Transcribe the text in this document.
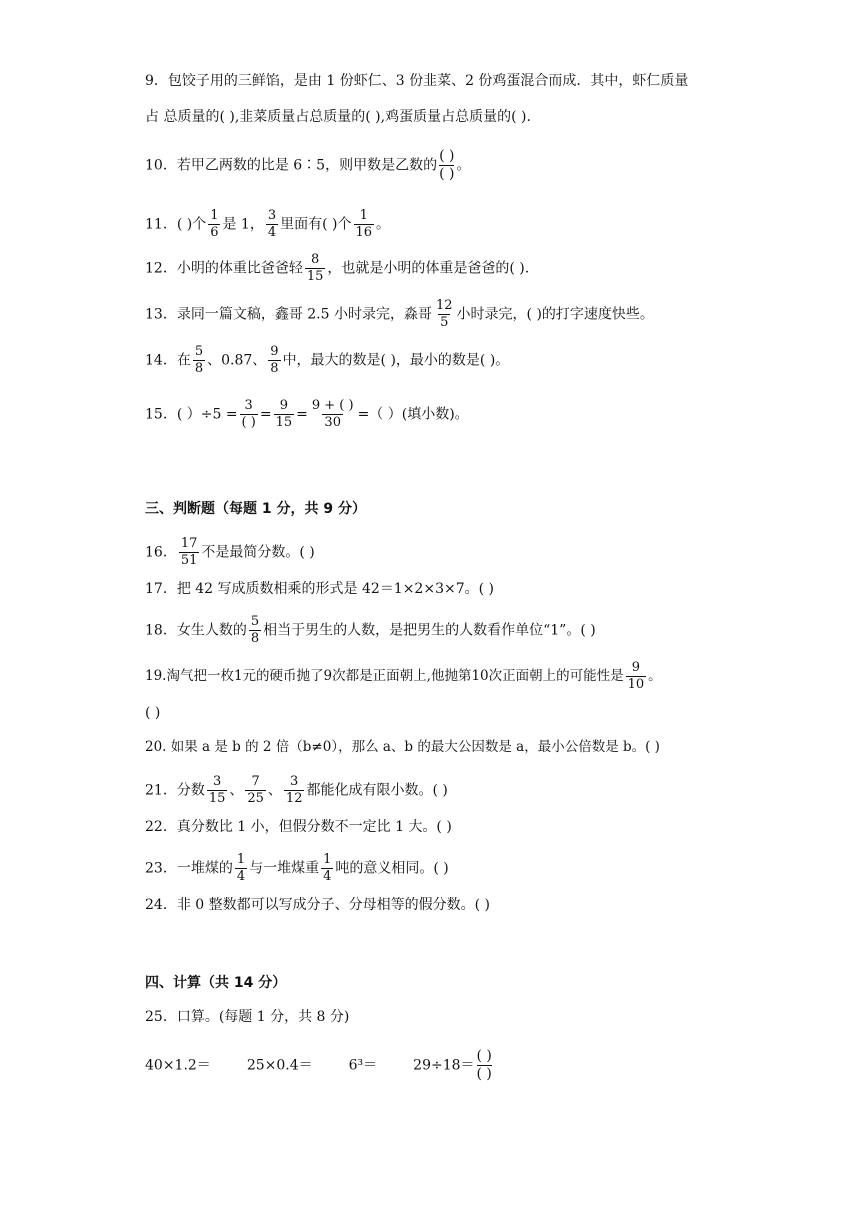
9．包饺子用的三鲜馅，是由 1 份虾仁、3 份韭菜、2 份鸡蛋混合而成．其中，虾仁质量
占 总质量的( ),韭菜质量占总质量的( ),鸡蛋质量占总质量的( ).
10．若甲乙两数的比是 6∶5，则甲数是乙数的 $\frac{( )}{( )}$ 。
11．( )个 $\frac{1}{6}$ 是 1， $\frac{3}{4}$ 里面有( )个 $\frac{1}{16}$ 。
12．小明的体重比爸爸轻 $\frac{8}{15}$ ，也就是小明的体重是爸爸的( ).
13．录同一篇文稿，鑫哥 2.5 小时录完，淼哥 $\frac{12}{5}$ 小时录完，( )的打字速度快些。
14．在 $\frac{5}{8}$ 、0.87、 $\frac{9}{8}$ 中，最大的数是( )，最小的数是( )。
15．( ）$\div 5 = \frac{3}{( )} = \frac{9}{15} = \frac{9 + ( )}{30}$ =（ ）(填小数)。
三、判断题（每题 1 分，共 9 分）
16． $\frac{17}{51}$ 不是最简分数。( )
17．把 42 写成质数相乘的形式是 42＝1×2×3×7。( )
18．女生人数的 $\frac{5}{8}$ 相当于男生的人数，是把男生的人数看作单位“1”。( )
19.淘气把一枚1元的硬币抛了9次都是正面朝上,他抛第10次正面朝上的可能性是 $\frac{9}{10}$ 。
( )
20. 如果 a 是 b 的 2 倍（b≠0），那么 a、b 的最大公因数是 a，最小公倍数是 b。( )
21．分数 $\frac{3}{15}$ 、 $\frac{7}{25}$ 、 $\frac{3}{12}$ 都能化成有限小数。( )
22．真分数比 1 小，但假分数不一定比 1 大。( )
23．一堆煤的 $\frac{1}{4}$ 与一堆煤重 $\frac{1}{4}$ 吨的意义相同。( )
24．非 0 整数都可以写成分子、分母相等的假分数。( )
四、计算（共 14 分）
25．口算。(每题 1 分，共 8 分)
40×1.2＝	25×0.4＝	6³＝	$29\div 18= \frac{( )}{( )}$
